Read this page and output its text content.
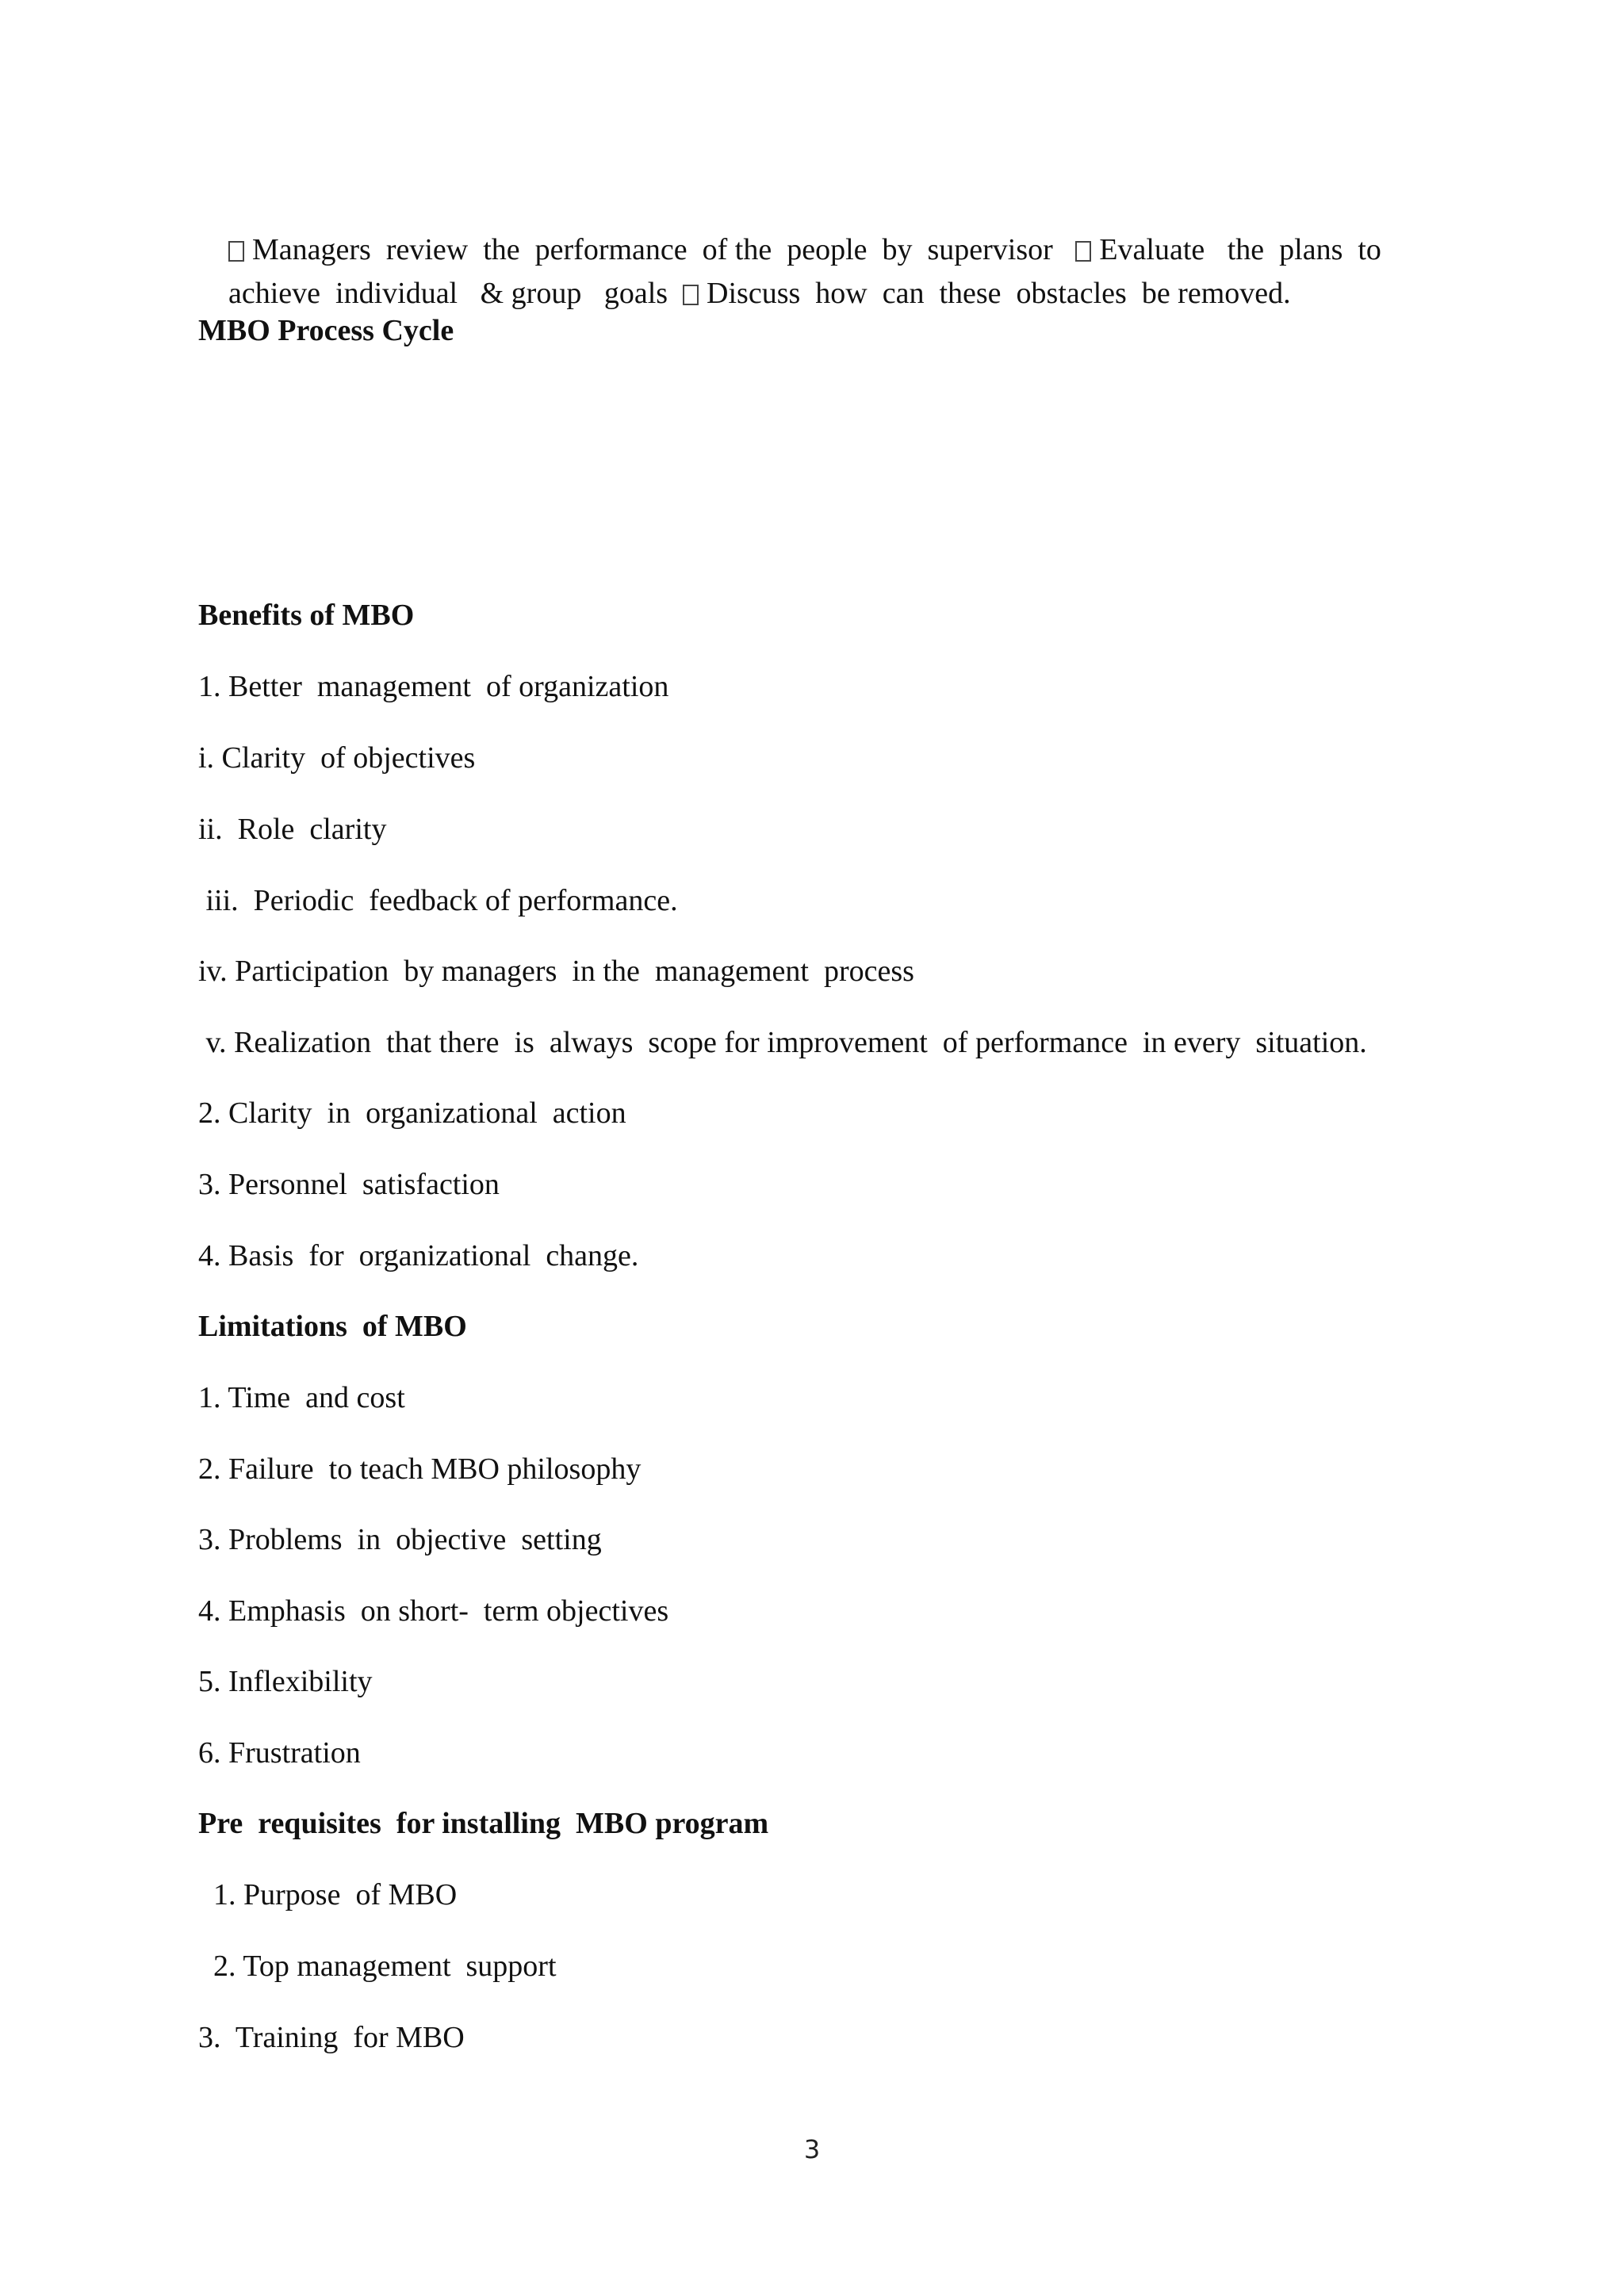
Managers  review  the  performance  of the  people  by  supervisor Evaluate   the  plans  to

achieve  individual   & group   goals Discuss  how  can  these  obstacles  be removed.

MBO Process Cycle
Benefits of MBO
1. Better  management  of organization
i. Clarity  of objectives
ii.  Role  clarity
iii.  Periodic  feedback of performance.
iv. Participation  by managers  in the  management  process
v. Realization  that there  is  always  scope for improvement  of performance  in every  situation.
2. Clarity  in  organizational  action
3. Personnel  satisfaction
4. Basis  for  organizational  change.
Limitations  of MBO
1. Time  and cost
2. Failure  to teach MBO philosophy
3. Problems  in  objective  setting
4. Emphasis  on short-  term objectives
5. Inflexibility
6. Frustration
Pre  requisites  for installing  MBO program
1. Purpose  of MBO
2. Top management  support
3.  Training  for MBO
3
